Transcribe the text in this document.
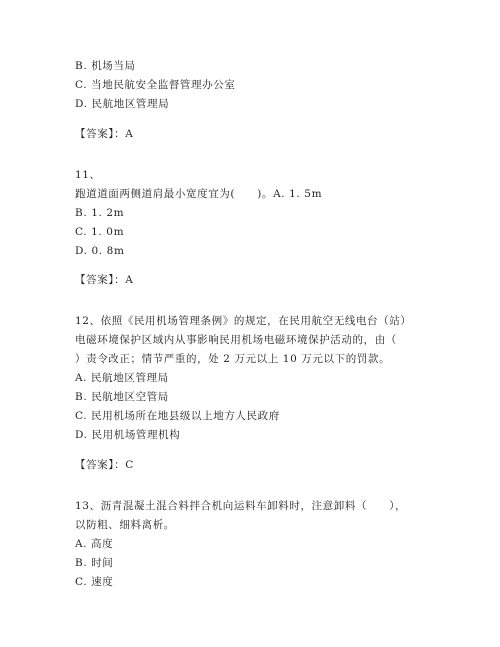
B. 机场当局
C. 当地民航安全监督管理办公室
D. 民航地区管理局
【答案】：A
11、
跑道道面两侧道肩最小宽度宜为(　　)。A. 1. 5m
B. 1. 2m
C. 1. 0m
D. 0. 8m
【答案】：A
12、依照《民用机场管理条例》的规定，在民用航空无线电台（站）
电磁环境保护区域内从事影响民用机场电磁环境保护活动的，由（
）责令改正；情节严重的，处 2 万元以上 10 万元以下的罚款。
A. 民航地区管理局
B. 民航地区空管局
C. 民用机场所在地县级以上地方人民政府
D. 民用机场管理机构
【答案】：C
13、沥青混凝土混合料拌合机向运料车卸料时，注意卸料（　　），
以防粗、细料离析。
A. 高度
B. 时间
C. 速度
